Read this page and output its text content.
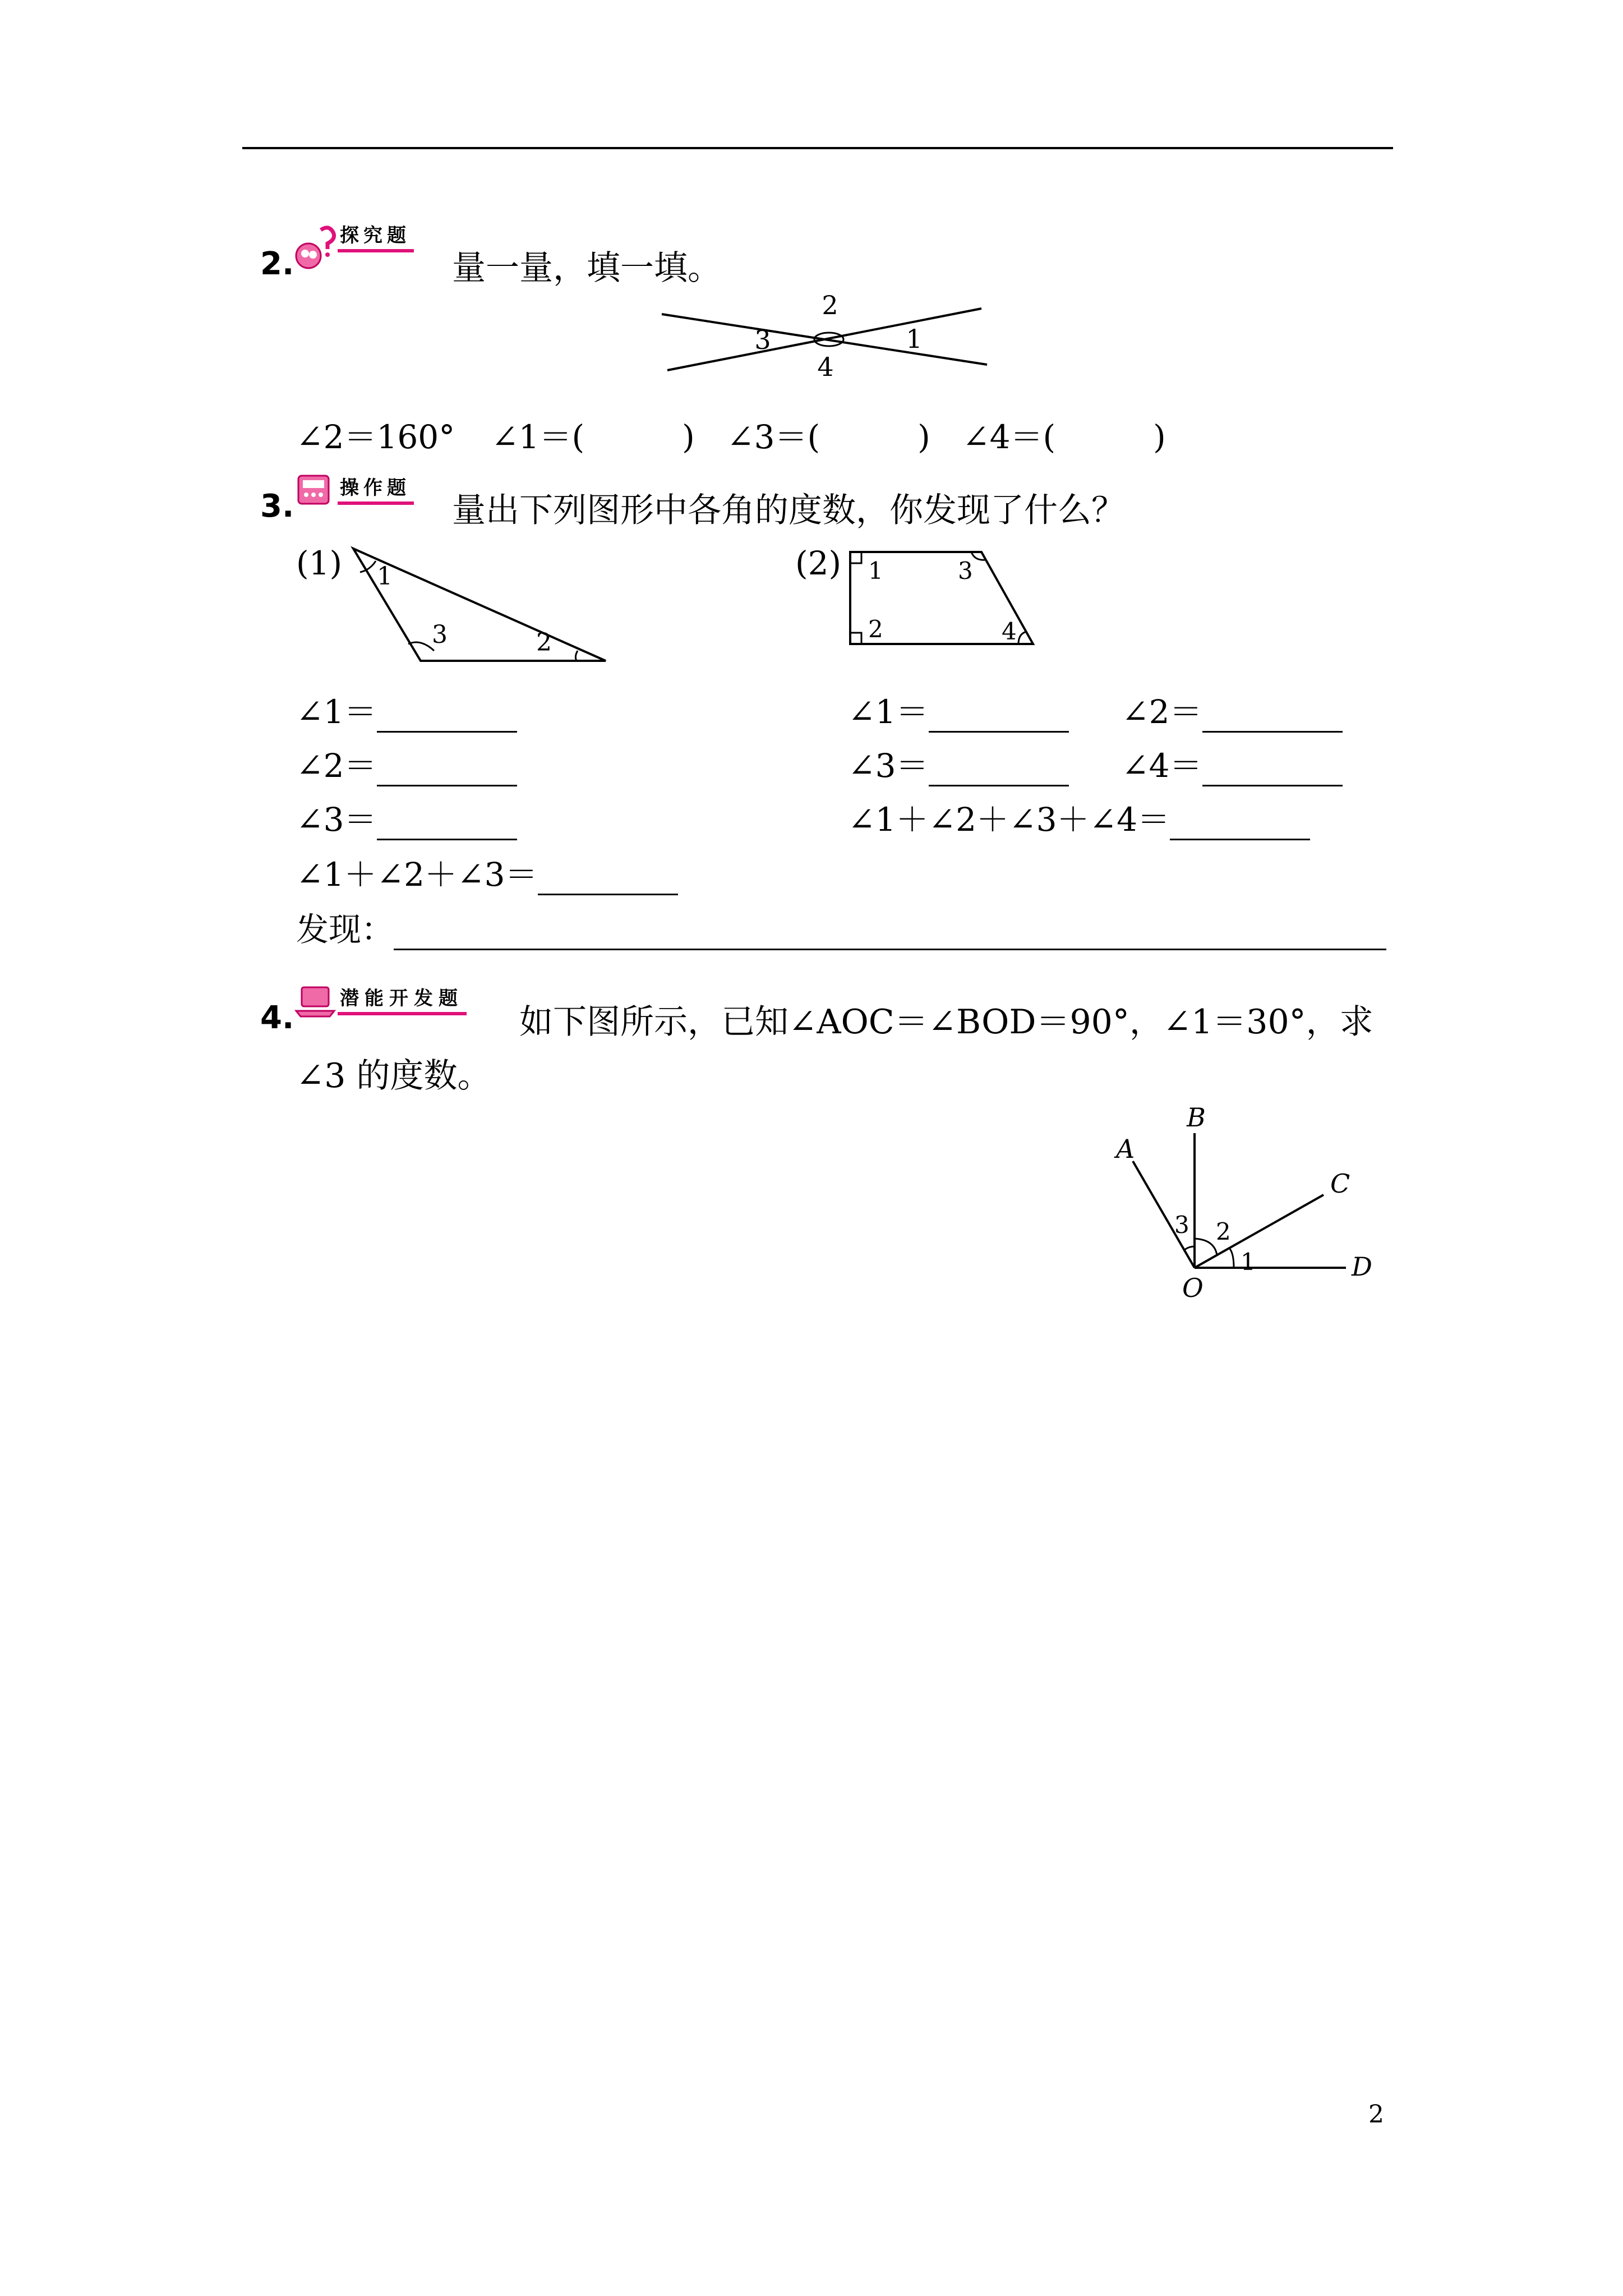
2.
探究题
量一量，填一填。
2
3	1
4
∠2＝160° ∠1＝(　　　) ∠3＝(　　　) ∠4＝(　　　)
3. 操作题
量出下列图形中各角的度数，你发现了什么？
(1) 1
3	2
(2) 1	3
2	4
∠1＝
∠2＝
∠3＝
∠1＋∠2＋∠3＝
∠1＝	∠2＝
∠3＝	∠4＝
∠1＋∠2＋∠3＋∠4＝
发现：
4.
潜能开发题
如下图所示，已知∠AOC＝∠BOD＝90°，∠1＝30°，求
∠3 的度数。
A
B
C
D
O
1
2
3
2
